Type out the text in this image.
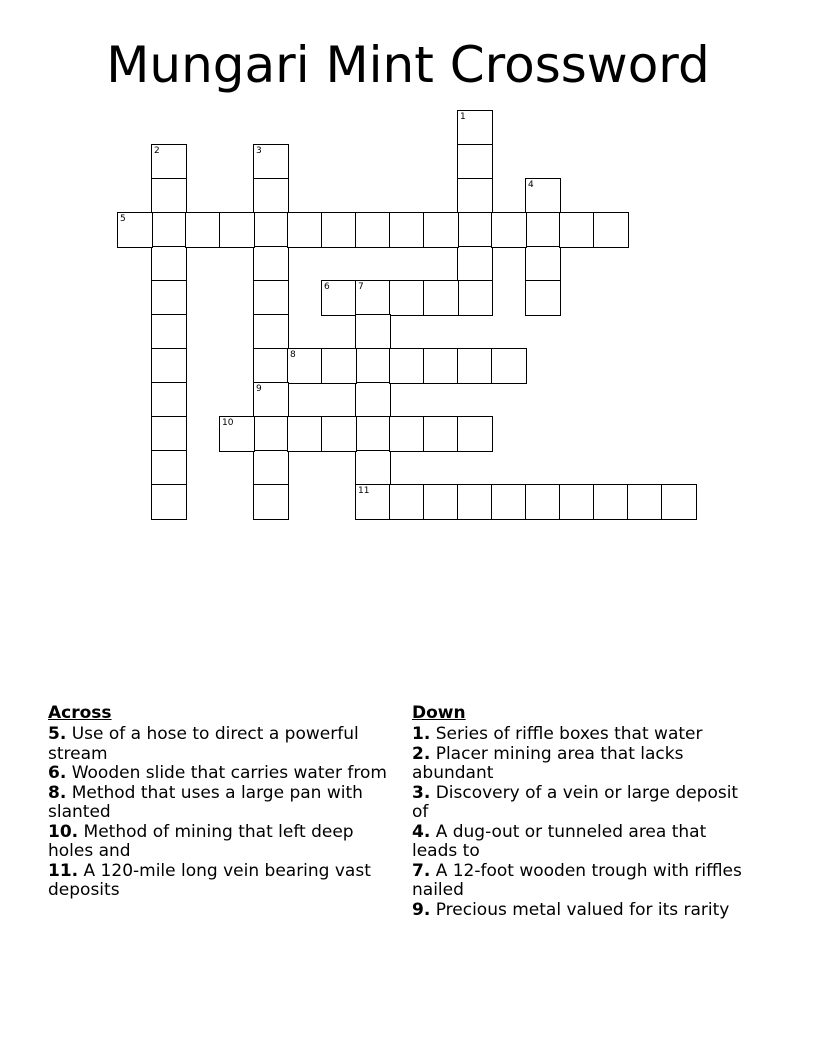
Mungari Mint Crossword
1
2	3
4
5
6	7
11
8
9
10
Across
5. Use of a hose to direct a powerful stream
6. Wooden slide that carries water from
8. Method that uses a large pan with slanted
10. Method of mining that left deep holes and
11. A 120-mile long vein bearing vast deposits
Down
1. Series of riffle boxes that water
2. Placer mining area that lacks abundant
3. Discovery of a vein or large deposit of
4. A dug-out or tunneled area that leads to
7. A 12-foot wooden trough with riffles nailed
9. Precious metal valued for its rarity
